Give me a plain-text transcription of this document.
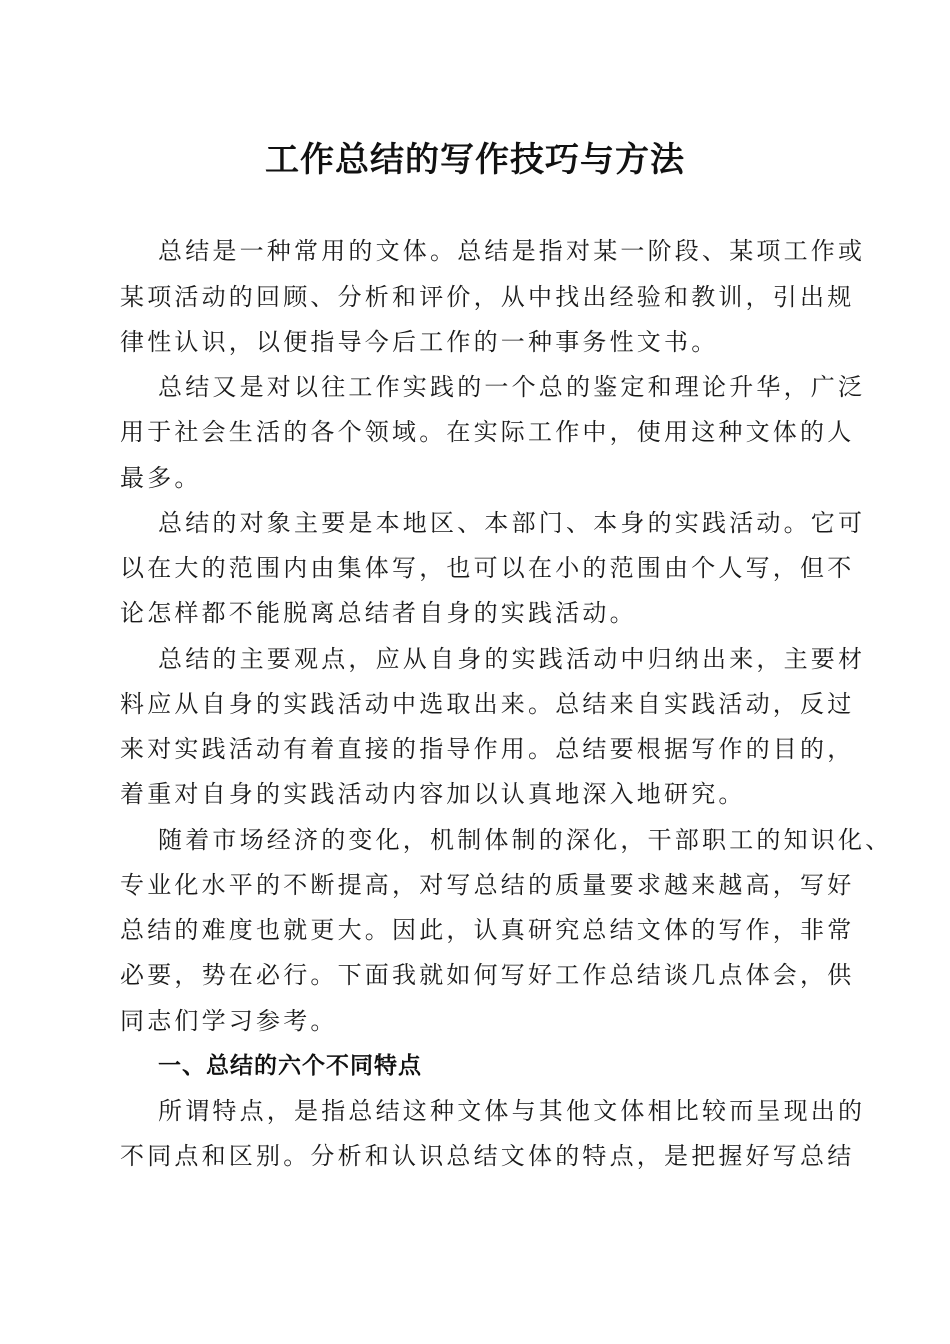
工作总结的写作技巧与方法
总结是一种常用的文体。总结是指对某一阶段、某项工作或
某项活动的回顾、分析和评价，从中找出经验和教训，引出规
律性认识，以便指导今后工作的一种事务性文书。
总结又是对以往工作实践的一个总的鉴定和理论升华，广泛
用于社会生活的各个领域。在实际工作中，使用这种文体的人
最多。
总结的对象主要是本地区、本部门、本身的实践活动。它可
以在大的范围内由集体写，也可以在小的范围由个人写，但不
论怎样都不能脱离总结者自身的实践活动。
总结的主要观点，应从自身的实践活动中归纳出来，主要材
料应从自身的实践活动中选取出来。总结来自实践活动，反过
来对实践活动有着直接的指导作用。总结要根据写作的目的，
着重对自身的实践活动内容加以认真地深入地研究。
随着市场经济的变化，机制体制的深化，干部职工的知识化、
专业化水平的不断提高，对写总结的质量要求越来越高，写好
总结的难度也就更大。因此，认真研究总结文体的写作，非常
必要，势在必行。下面我就如何写好工作总结谈几点体会，供
同志们学习参考。
一、总结的六个不同特点
所谓特点，是指总结这种文体与其他文体相比较而呈现出的
不同点和区别。分析和认识总结文体的特点，是把握好写总结
